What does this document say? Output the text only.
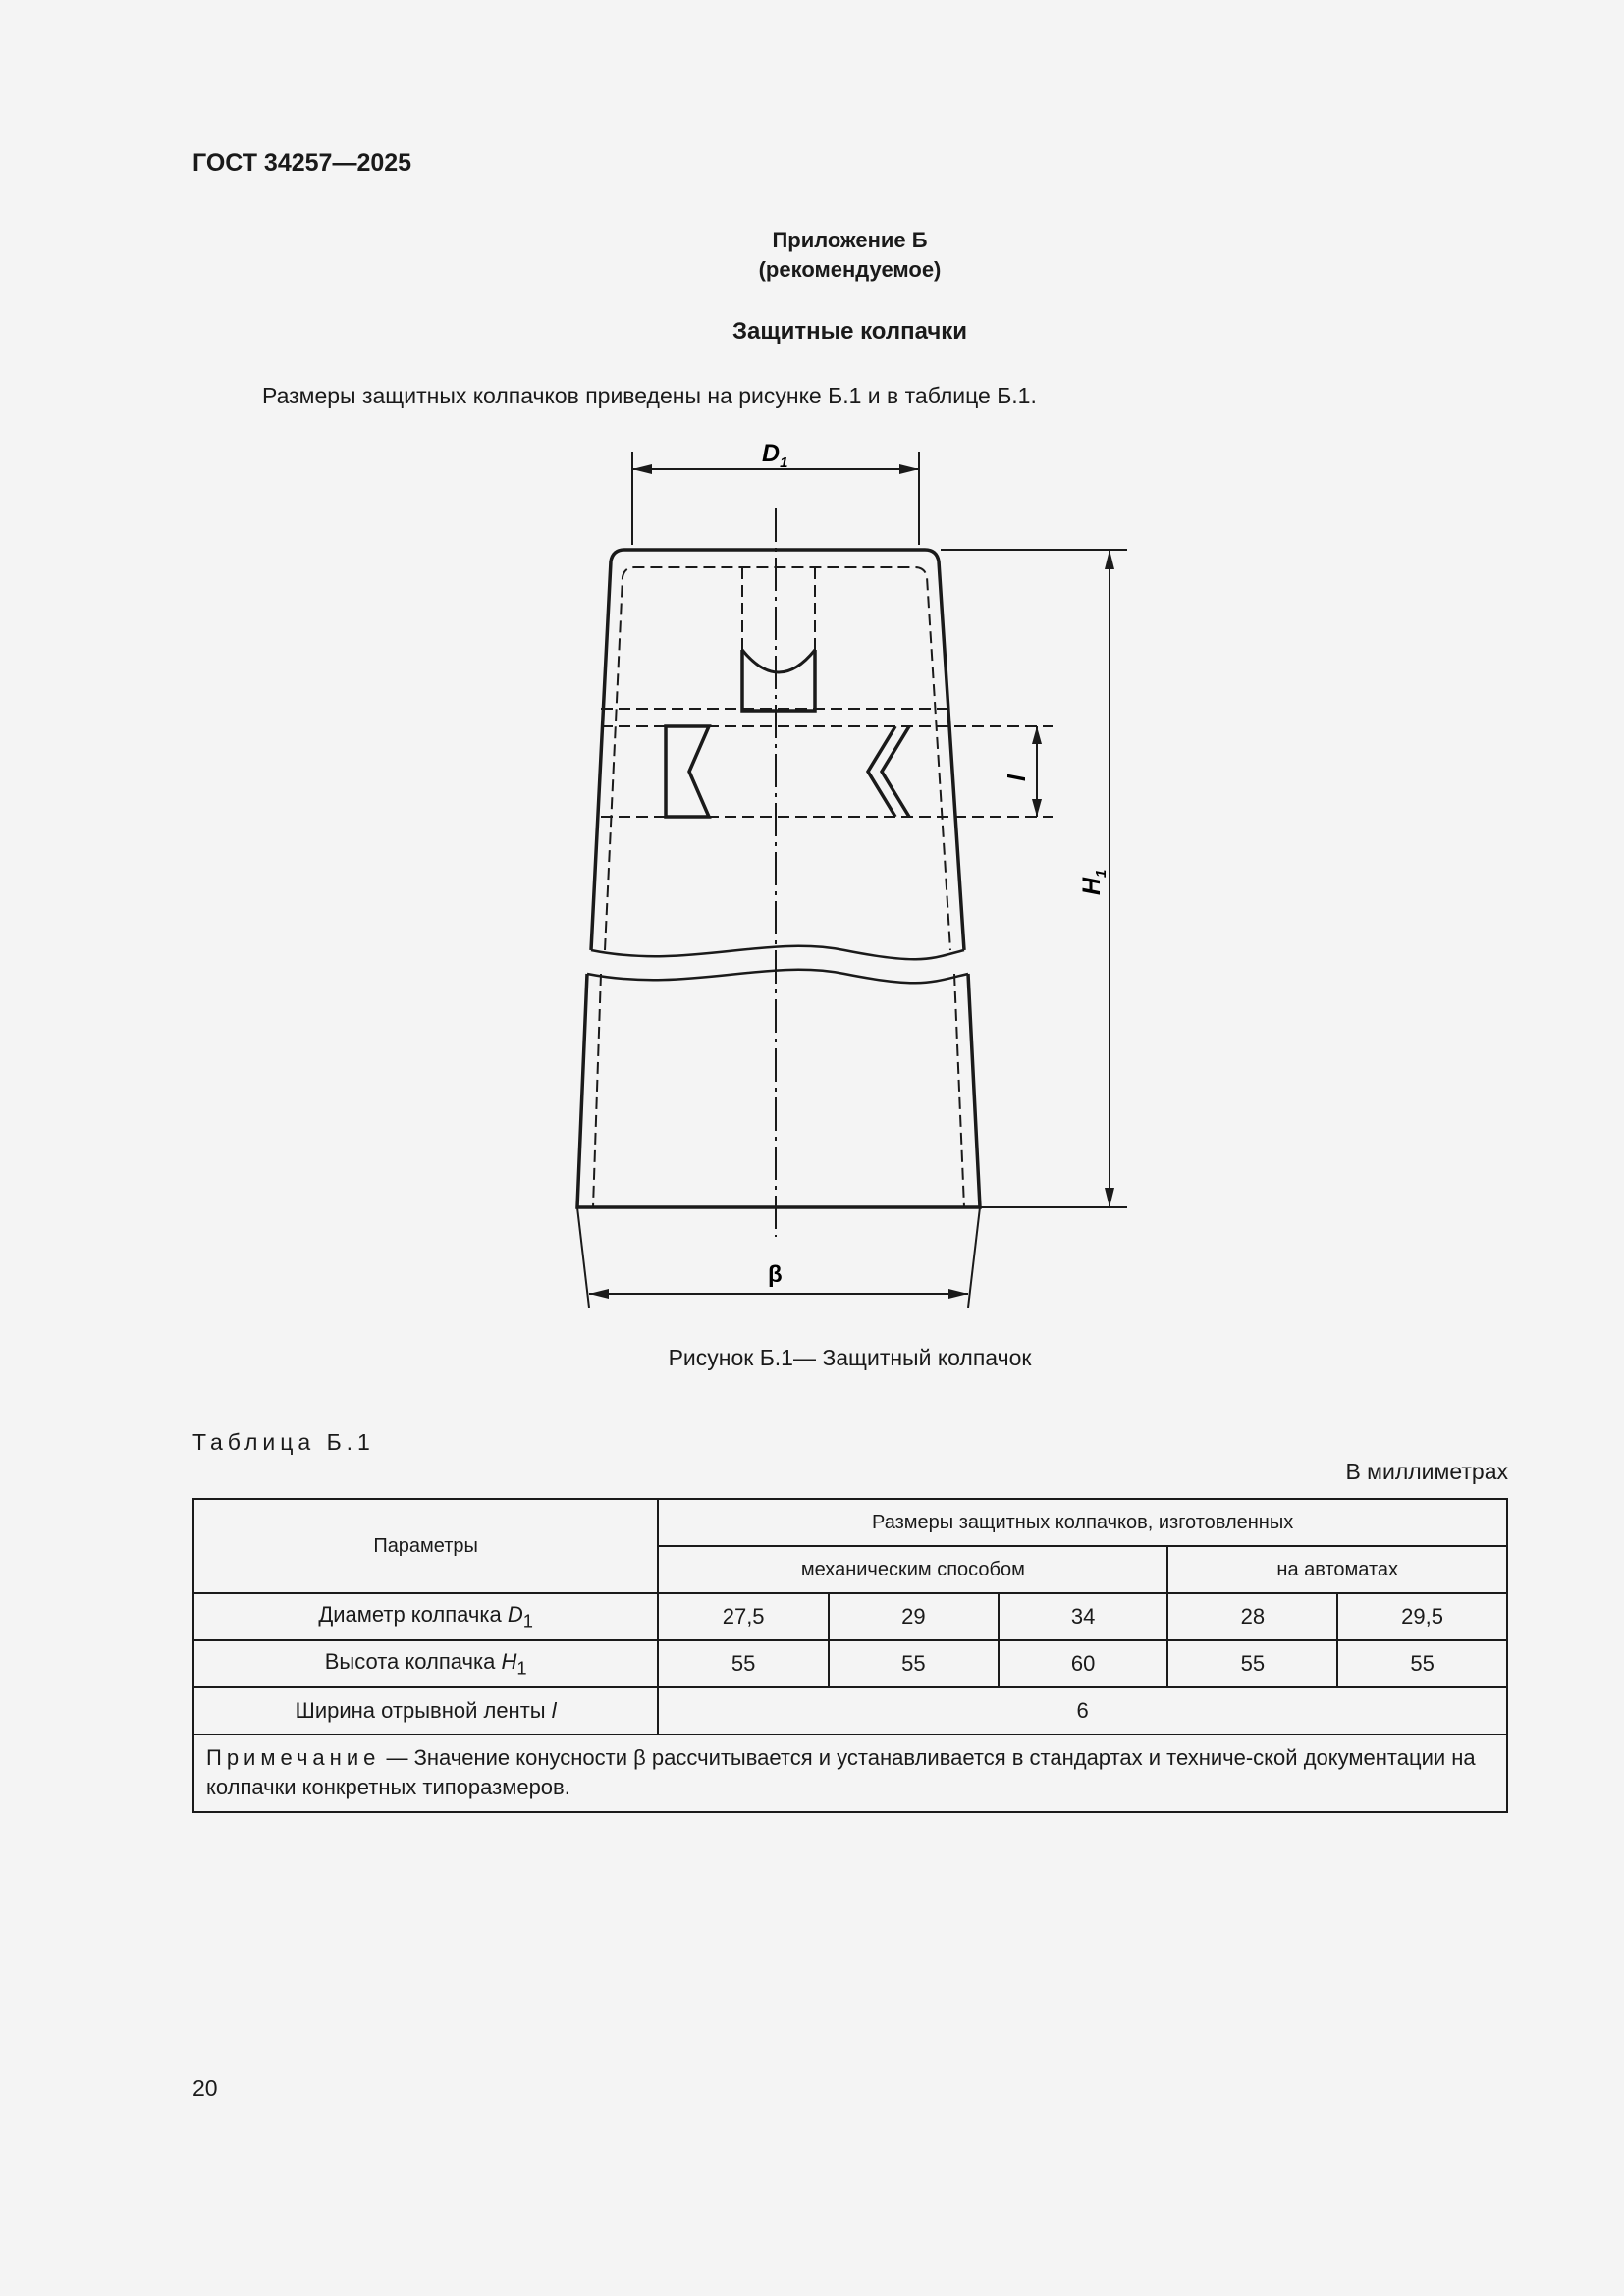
ГОСТ 34257—2025
Приложение Б
(рекомендуемое)
Защитные колпачки
Размеры защитных колпачков приведены на рисунке Б.1 и в таблице Б.1.
$D_1$
l
$H_1$
β
Рисунок Б.1— Защитный колпачок
Таблица Б.1
В миллиметрах
Параметры	Размеры защитных колпачков, изготовленных				
	механическим способом			на автоматах	
Диаметр колпачка $D_1$	27,5	29	34	28	29,5
Высота колпачка $H_1$	55	55	60	55	55
Ширина отрывной ленты l	6				
Примечание — Значение конусности β рассчитывается и устанавливается в стандартах и техниче-ской документации на колпачки конкретных типоразмеров.					
20
